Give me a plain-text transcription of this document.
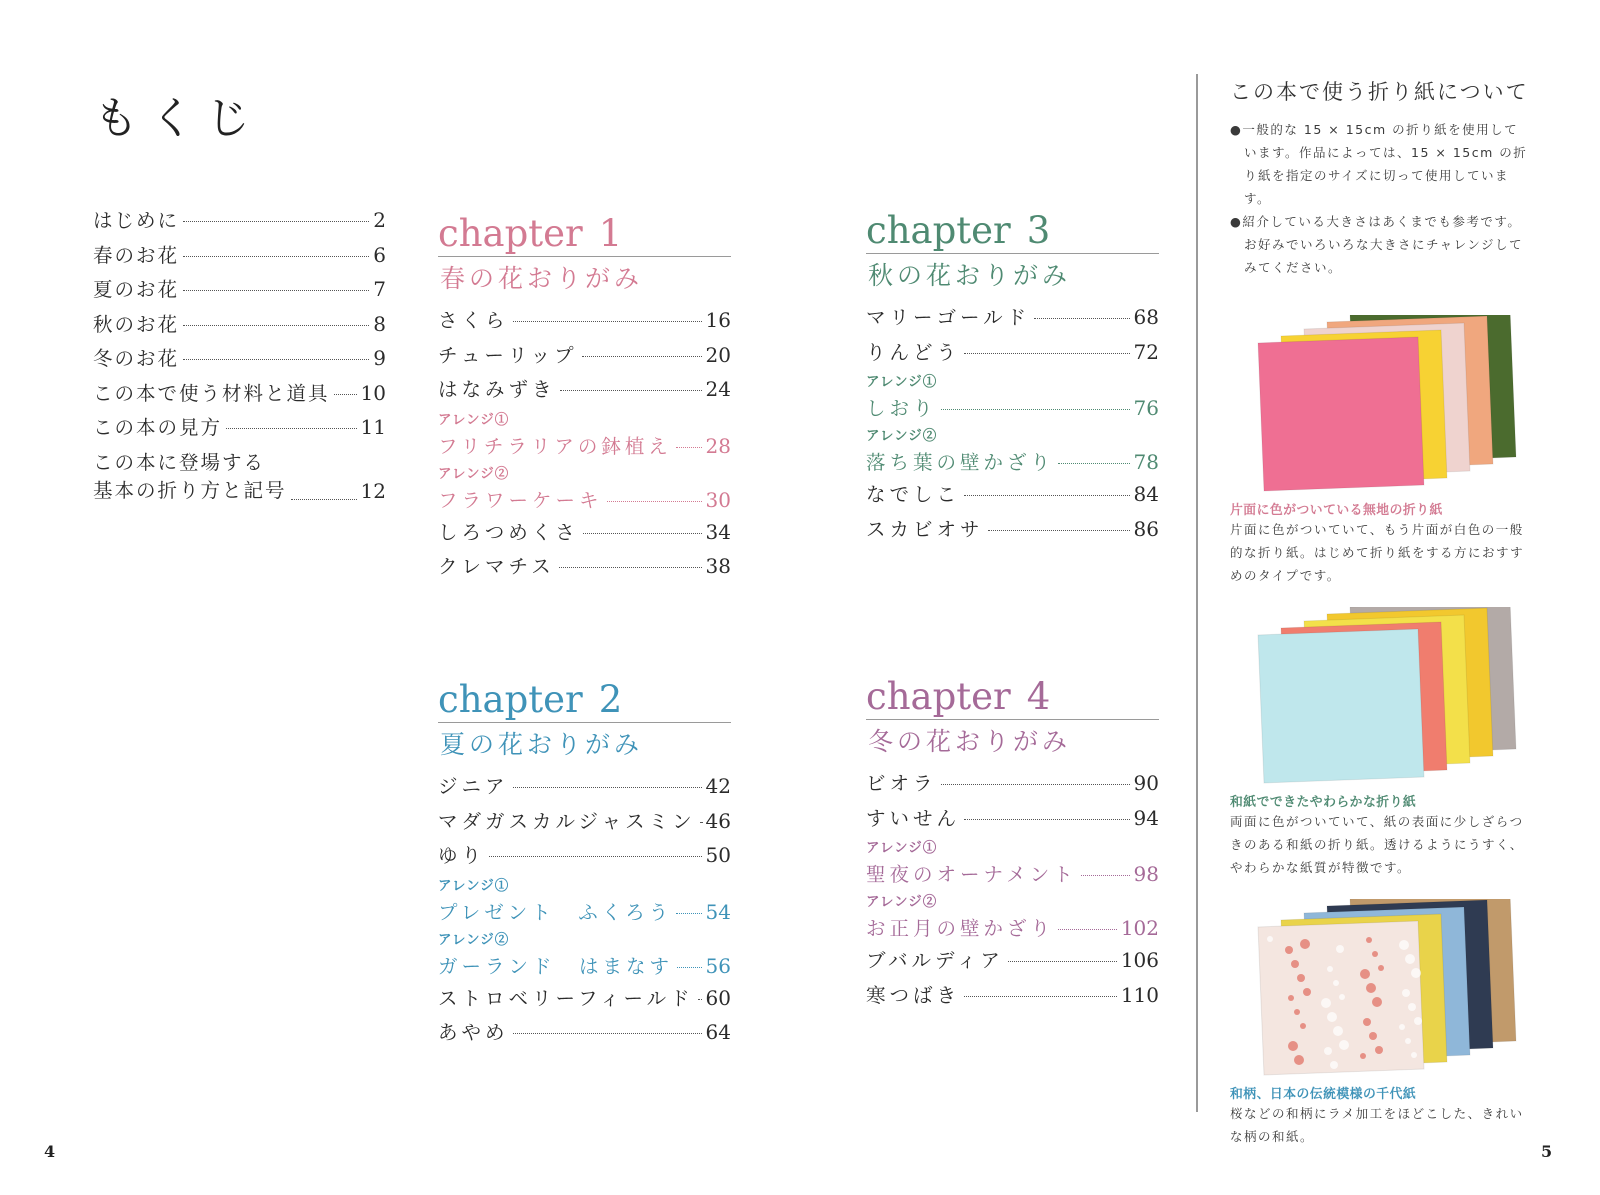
もくじ
はじめに	2
春のお花	6
夏のお花	7
秋のお花	8
冬のお花	9
この本で使う材料と道具 10
この本の見方	11
この本に登場する
基本の折り方と記号	12
chapter 1
春の花おりがみ
さくら	16
チューリップ	20
はなみずき	24
アレンジ①
フリチラリアの鉢植え 28
アレンジ②
フラワーケーキ	30
しろつめくさ	34
クレマチス	38
chapter 2
夏の花おりがみ
ジニア	42
マダガスカルジャスミン 46
ゆり	50
アレンジ①
プレゼント　ふくろう 54
アレンジ②
ガーランド　はまなす 56
ストロベリーフィールド 60
あやめ	64
chapter 3
秋の花おりがみ
マリーゴールド	68
りんどう	72
アレンジ①
しおり	76
アレンジ②
落ち葉の壁かざり	78
なでしこ	84
スカビオサ	86
chapter 4
冬の花おりがみ
ビオラ	90
すいせん	94
アレンジ①
聖夜のオーナメント	98
アレンジ②
お正月の壁かざり	102
ブバルディア	106
寒つばき	110
この本で使う折り紙について
●一般的な 15 × 15cm の折り紙を使用しています。作品によっては、15 × 15cm の折り紙を指定のサイズに切って使用しています。
●紹介している大きさはあくまでも参考です。お好みでいろいろな大きさにチャレンジしてみてください。
片面に色がついている無地の折り紙
片面に色がついていて、もう片面が白色の一般的な折り紙。はじめて折り紙をする方におすすめのタイプです。
和紙でできたやわらかな折り紙
両面に色がついていて、紙の表面に少しざらつきのある和紙の折り紙。透けるようにうすく、やわらかな紙質が特徴です。
和柄、日本の伝統模様の千代紙
桜などの和柄にラメ加工をほどこした、きれいな柄の和紙。
4	5
